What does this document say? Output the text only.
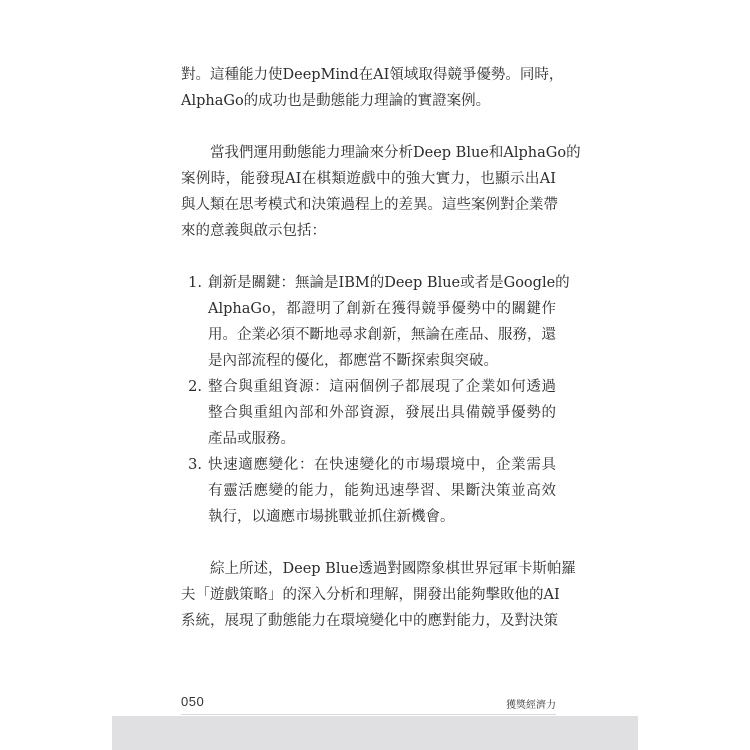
對。這種能力使DeepMind在AI領域取得競爭優勢。同時，
AlphaGo的成功也是動態能力理論的實證案例。
　　當我們運用動態能力理論來分析Deep Blue和AlphaGo的
案例時，能發現AI在棋類遊戲中的強大實力，也顯示出AI
與人類在思考模式和決策過程上的差異。這些案例對企業帶
來的意義與啟示包括：
1. 創新是關鍵：無論是IBM的Deep Blue或者是Google的
AlphaGo，都證明了創新在獲得競爭優勢中的關鍵作
用。企業必須不斷地尋求創新，無論在產品、服務，還
是內部流程的優化，都應當不斷探索與突破。
2. 整合與重組資源：這兩個例子都展現了企業如何透過
整合與重組內部和外部資源，發展出具備競爭優勢的
產品或服務。
3. 快速適應變化：在快速變化的市場環境中，企業需具
有靈活應變的能力，能夠迅速學習、果斷決策並高效
執行，以適應市場挑戰並抓住新機會。
　　綜上所述，Deep Blue透過對國際象棋世界冠軍卡斯帕羅
夫「遊戲策略」的深入分析和理解，開發出能夠擊敗他的AI
系統，展現了動態能力在環境變化中的應對能力，及對決策
050	獲獎經濟力
